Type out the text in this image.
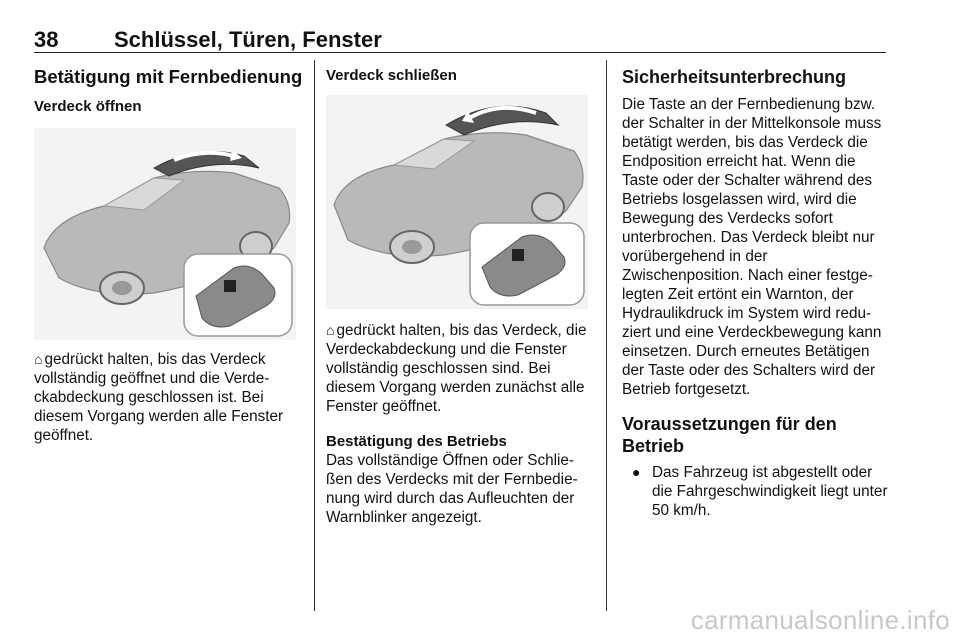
38	Schlüssel, Türen, Fenster
Betätigung mit Fernbedienung
Verdeck öffnen

⌂ gedrückt halten, bis das Verdeck vollständig geöffnet und die Verdeckabdeckung geschlossen ist. Bei diesem Vorgang werden alle Fenster geöffnet.

Verdeck schließen

⌂ gedrückt halten, bis das Verdeck, die Verdeckabdeckung und die Fenster vollständig geschlossen sind. Bei diesem Vorgang werden zunächst alle Fenster geöffnet.

Bestätigung des Betriebs

Das vollständige Öffnen oder Schließen des Verdecks mit der Fernbedienung wird durch das Aufleuchten der Warnblinker angezeigt.

Sicherheitsunterbrechung

Die Taste an der Fernbedienung bzw. der Schalter in der Mittelkonsole muss betätigt werden, bis das Verdeck die Endposition erreicht hat. Wenn die Taste oder der Schalter während des Betriebs losgelassen wird, wird die Bewegung des Verdecks sofort unterbrochen. Das Verdeck bleibt nur vorübergehend in der Zwischenposition. Nach einer festgelegten Zeit ertönt ein Warnton, der Hydraulikdruck im System wird reduziert und eine Verdeckbewegung kann einsetzen. Durch erneutes Betätigen der Taste oder des Schalters wird der Betrieb fortgesetzt.

Voraussetzungen für den Betrieb
● Das Fahrzeug ist abgestellt oder die Fahrgeschwindigkeit liegt unter 50 km/h.
carmanualsonline.info
